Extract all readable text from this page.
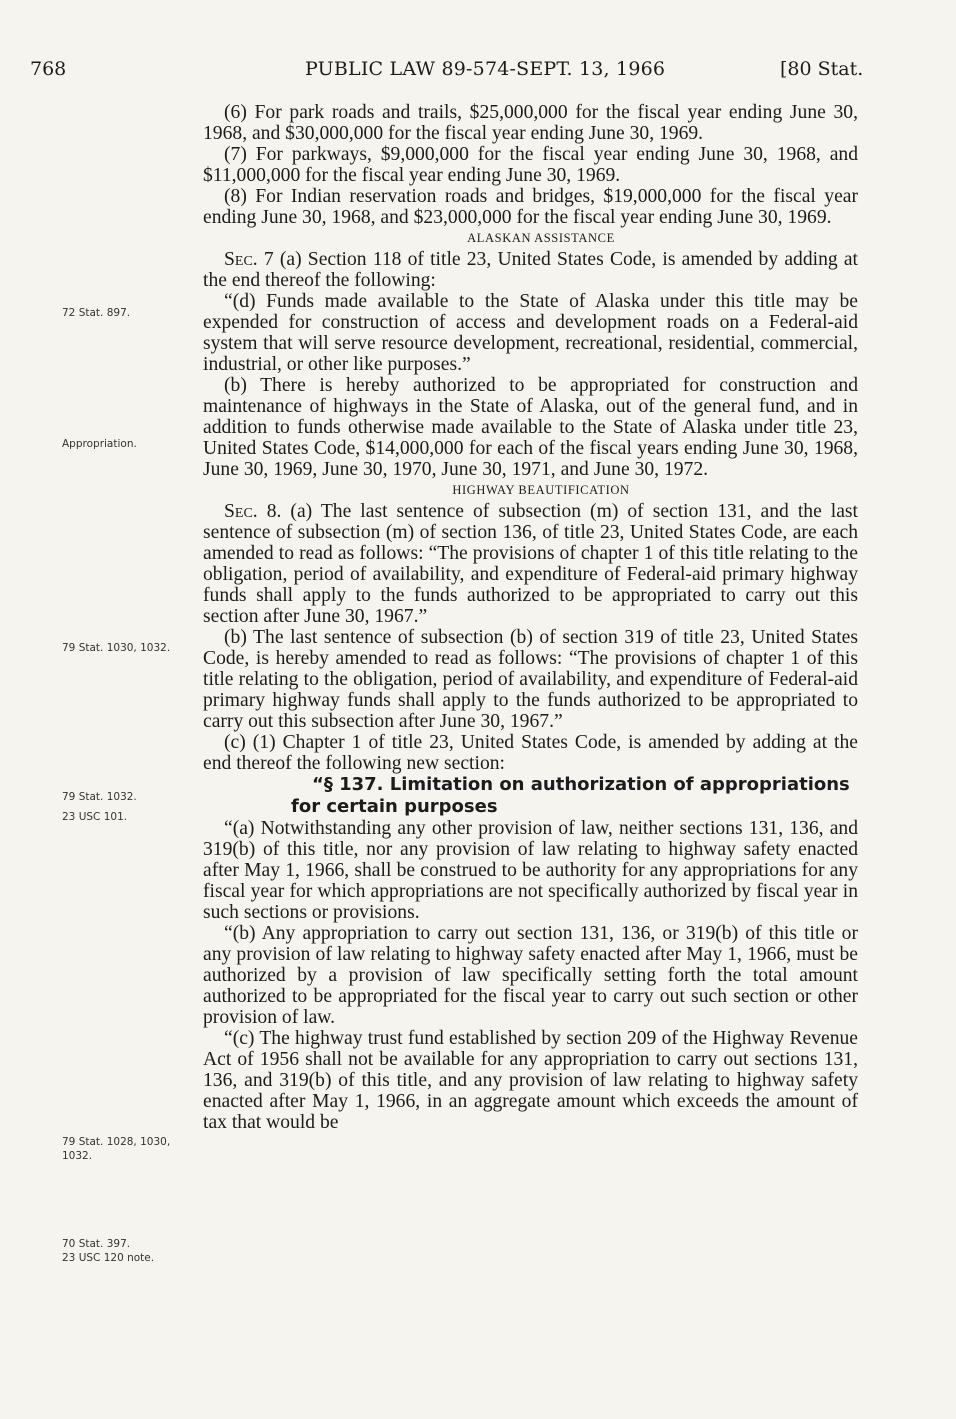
768	PUBLIC LAW 89-574-SEPT. 13, 1966	[80 Stat.
72 Stat. 897.
Appropriation.
79 Stat. 1030, 1032.
79 Stat. 1032.
23 USC 101.
79 Stat. 1028, 1030, 1032.
70 Stat. 397.
23 USC 120 note.

(6) For park roads and trails, $25,000,000 for the fiscal year ending June 30, 1968, and $30,000,000 for the fiscal year ending June 30, 1969.

(7) For parkways, $9,000,000 for the fiscal year ending June 30, 1968, and $11,000,000 for the fiscal year ending June 30, 1969.

(8) For Indian reservation roads and bridges, $19,000,000 for the fiscal year ending June 30, 1968, and $23,000,000 for the fiscal year ending June 30, 1969.

ALASKAN ASSISTANCE

Sec. 7 (a) Section 118 of title 23, United States Code, is amended by adding at the end thereof the following:

“(d) Funds made available to the State of Alaska under this title may be expended for construction of access and development roads on a Federal-aid system that will serve resource development, recreational, residential, commercial, industrial, or other like purposes.”

(b) There is hereby authorized to be appropriated for construction and maintenance of highways in the State of Alaska, out of the general fund, and in addition to funds otherwise made available to the State of Alaska under title 23, United States Code, $14,000,000 for each of the fiscal years ending June 30, 1968, June 30, 1969, June 30, 1970, June 30, 1971, and June 30, 1972.

HIGHWAY BEAUTIFICATION

Sec. 8. (a) The last sentence of subsection (m) of section 131, and the last sentence of subsection (m) of section 136, of title 23, United States Code, are each amended to read as follows: “The provisions of chapter 1 of this title relating to the obligation, period of availability, and expenditure of Federal-aid primary highway funds shall apply to the funds authorized to be appropriated to carry out this section after June 30, 1967.”

(b) The last sentence of subsection (b) of section 319 of title 23, United States Code, is hereby amended to read as follows: “The provisions of chapter 1 of this title relating to the obligation, period of availability, and expenditure of Federal-aid primary highway funds shall apply to the funds authorized to be appropriated to carry out this subsection after June 30, 1967.”

(c) (1) Chapter 1 of title 23, United States Code, is amended by adding at the end thereof the following new section:

“§ 137. Limitation on authorization of appropriations for certain purposes

“(a) Notwithstanding any other provision of law, neither sections 131, 136, and 319(b) of this title, nor any provision of law relating to highway safety enacted after May 1, 1966, shall be construed to be authority for any appropriations for any fiscal year for which appropriations are not specifically authorized by fiscal year in such sections or provisions.

“(b) Any appropriation to carry out section 131, 136, or 319(b) of this title or any provision of law relating to highway safety enacted after May 1, 1966, must be authorized by a provision of law specifically setting forth the total amount authorized to be appropriated for the fiscal year to carry out such section or other provision of law.

“(c) The highway trust fund established by section 209 of the Highway Revenue Act of 1956 shall not be available for any appropriation to carry out sections 131, 136, and 319(b) of this title, and any provision of law relating to highway safety enacted after May 1, 1966, in an aggregate amount which exceeds the amount of tax that would be
